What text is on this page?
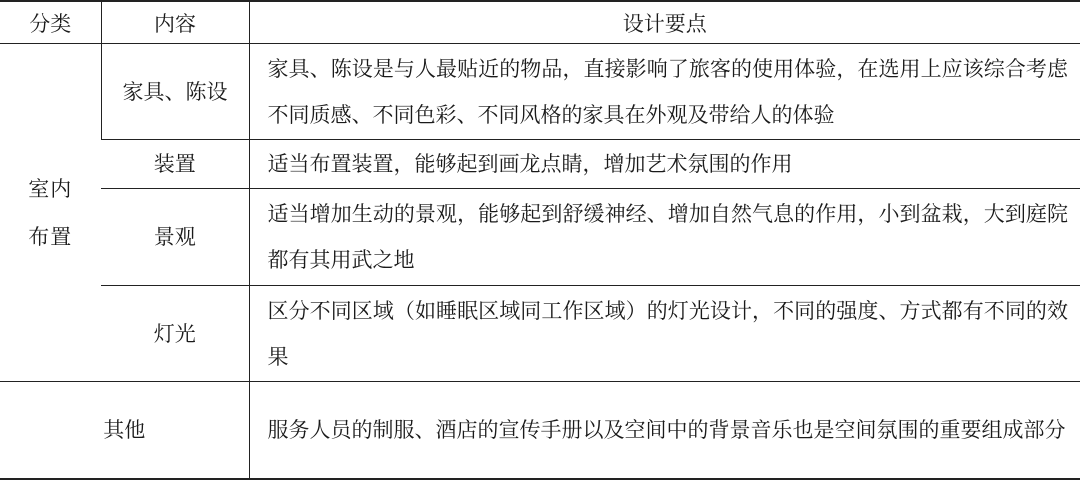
分类	内容	设计要点

室内
布置	家具、陈设	家具、陈设是与人最贴近的物品，直接影响了旅客的使用体验，在选用上应该综合考虑不同质感、不同色彩、不同风格的家具在外观及带给人的体验
	装置	适当布置装置，能够起到画龙点睛，增加艺术氛围的作用
	景观	适当增加生动的景观，能够起到舒缓神经、增加自然气息的作用，小到盆栽，大到庭院都有其用武之地
	灯光	区分不同区域（如睡眠区域同工作区域）的灯光设计，不同的强度、方式都有不同的效果
其他		服务人员的制服、酒店的宣传手册以及空间中的背景音乐也是空间氛围的重要组成部分
